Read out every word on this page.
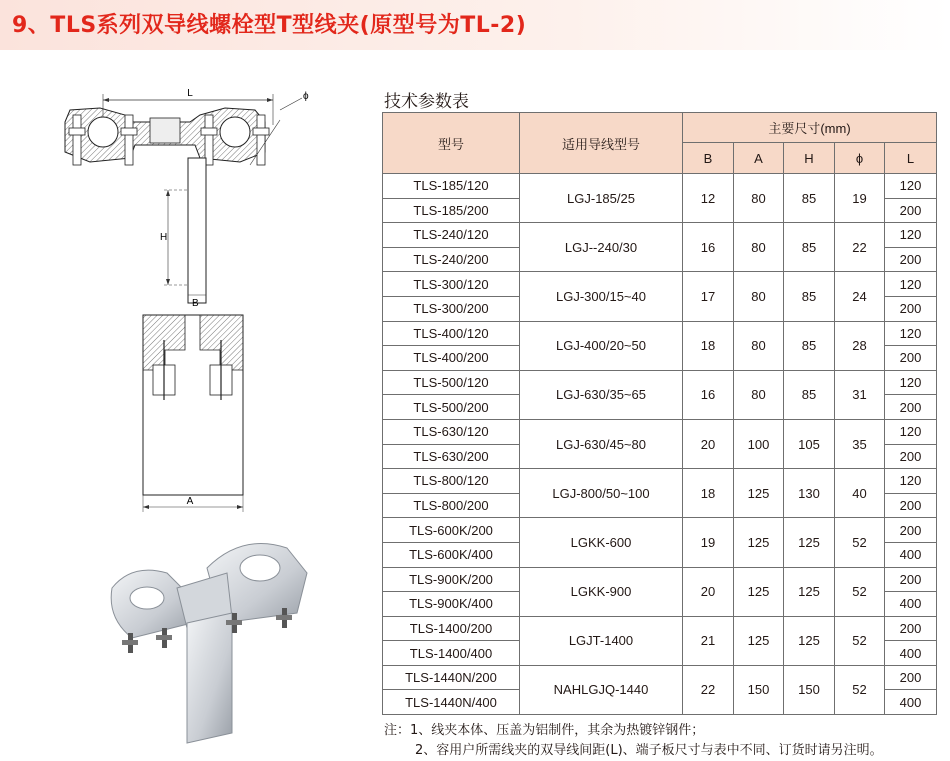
9、TLS系列双导线螺栓型T型线夹(原型号为TL-2)
L	ϕ
H
B
A
技术参数表
型号	适用导线型号	主要尺寸(mm)				
		B	A	H	ϕ	L
TLS-185/120	LGJ-185/25	12	80	85	19	120
TLS-185/200						200
TLS-240/120	LGJ--240/30	16	80	85	22	120
TLS-240/200						200
TLS-300/120	LGJ-300/15~40	17	80	85	24	120
TLS-300/200						200
TLS-400/120	LGJ-400/20~50	18	80	85	28	120
TLS-400/200						200
TLS-500/120	LGJ-630/35~65	16	80	85	31	120
TLS-500/200						200
TLS-630/120	LGJ-630/45~80	20	100	105	35	120
TLS-630/200						200
TLS-800/120	LGJ-800/50~100	18	125	130	40	120
TLS-800/200						200
TLS-600K/200	LGKK-600	19	125	125	52	200
TLS-600K/400						400
TLS-900K/200	LGKK-900	20	125	125	52	200
TLS-900K/400						400
TLS-1400/200	LGJT-1400	21	125	125	52	200
TLS-1400/400						400
TLS-1440N/200	NAHLGJQ-1440	22	150	150	52	200
TLS-1440N/400						400
注：1、线夹本体、压盖为铝制件，其余为热镀锌钢件；
2、容用户所需线夹的双导线间距(L)、端子板尺寸与表中不同、订货时请另注明。
